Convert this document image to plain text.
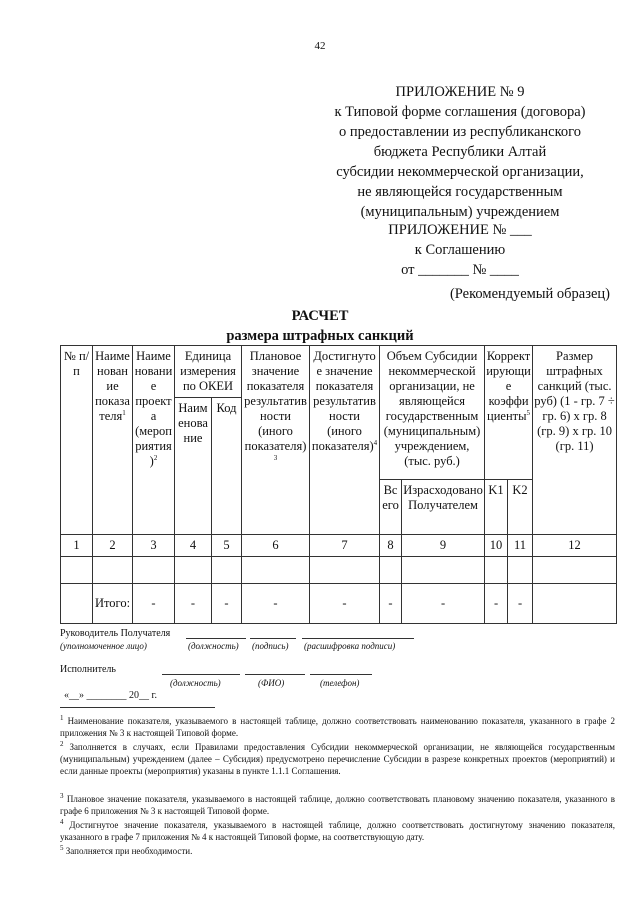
42
ПРИЛОЖЕНИЕ № 9
к Типовой форме соглашения (договора)
о предоставлении из республиканского
бюджета Республики Алтай
субсидии некоммерческой организации,
не являющейся государственным
(муниципальным) учреждением
ПРИЛОЖЕНИЕ № ___
к Соглашению
от _______ № ____
(Рекомендуемый образец)
РАСЧЕТ
размера штрафных санкций
№ п/п	Наименование показателя$^1$	Наименование проекта (мероприятия)$^2$	Единица измерения по ОКЕИ		Плановое значение показателя результативности (иного показателя)$^3$	Достигнутое значение показателя результативности (иного показателя)$^4$	Объем Субсидии некоммерческой организации, не являющейся государственным (муниципальным) учреждением, (тыс. руб.)		Корректирующие коэффициенты$^5$		Размер штрафных санкций (тыс. руб) (1 - гр. 7 ÷ гр. 6) x гр. 8 (гр. 9) x гр. 10 (гр. 11)
			Наименование	Код							
							Всего	Израсходовано Получателем	K1	K2	
1	2	3	4	5	6	7	8	9	10	11	12

	Итого:	-	-	-	-	-	-	-	-	-	
Руководитель Получателя
(уполномоченное лицо)	(должность) (подпись) (расшифровка подписи)
Исполнитель
(должность)	(ФИО)	(телефон)
«__» ________ 20__ г.
$^1$ Наименование показателя, указываемого в настоящей таблице, должно соответствовать наименованию показателя, указанного в графе 2 приложения № 3 к настоящей Типовой форме.
$^2$ Заполняется в случаях, если Правилами предоставления Субсидии некоммерческой организации, не являющейся государственным (муниципальным) учреждением (далее – Субсидия) предусмотрено перечисление Субсидии в разрезе конкретных проектов (мероприятий) и если данные проекты (мероприятия) указаны в пункте 1.1.1 Соглашения.
$^3$ Плановое значение показателя, указываемого в настоящей таблице, должно соответствовать плановому значению показателя, указанного в графе 6 приложения № 3 к настоящей Типовой форме.
$^4$ Достигнутое значение показателя, указываемого в настоящей таблице, должно соответствовать достигнутому значению показателя, указанного в графе 7 приложения № 4 к настоящей Типовой форме, на соответствующую дату.
$^5$ Заполняется при необходимости.
